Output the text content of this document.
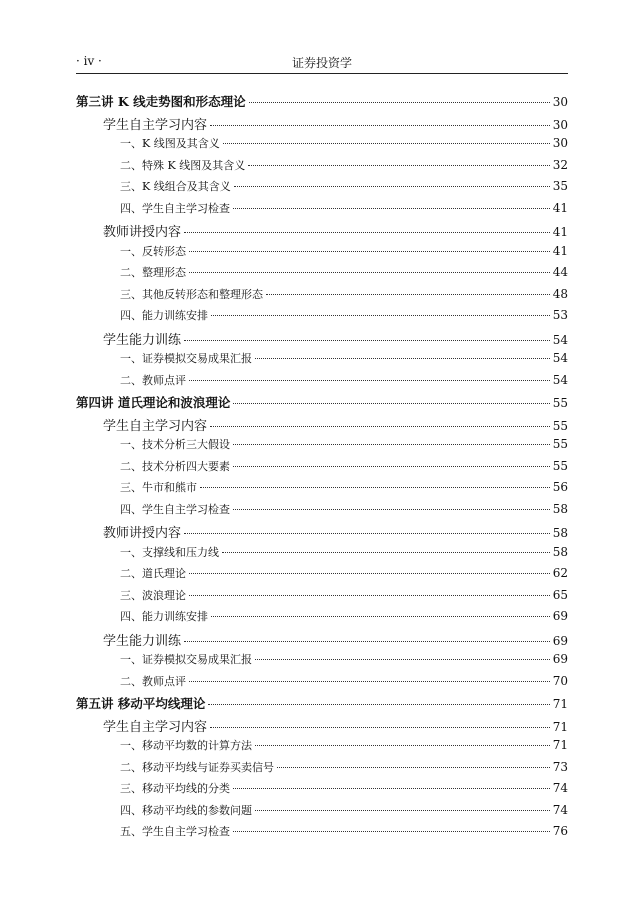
· iv ·	证券投资学
第三讲 K 线走势图和形态理论	30
学生自主学习内容	30
一、K 线图及其含义	30
二、特殊 K 线图及其含义	32
三、K 线组合及其含义	35
四、学生自主学习检查	41
教师讲授内容	41
一、反转形态	41
二、整理形态	44
三、其他反转形态和整理形态	48
四、能力训练安排	53
学生能力训练	54
一、证券模拟交易成果汇报	54
二、教师点评	54
第四讲 道氏理论和波浪理论	55
学生自主学习内容	55
一、技术分析三大假设	55
二、技术分析四大要素	55
三、牛市和熊市	56
四、学生自主学习检查	58
教师讲授内容	58
一、支撑线和压力线	58
二、道氏理论	62
三、波浪理论	65
四、能力训练安排	69
学生能力训练	69
一、证券模拟交易成果汇报	69
二、教师点评	70
第五讲 移动平均线理论	71
学生自主学习内容	71
一、移动平均数的计算方法	71
二、移动平均线与证券买卖信号	73
三、移动平均线的分类	74
四、移动平均线的参数问题	74
五、学生自主学习检查	76
